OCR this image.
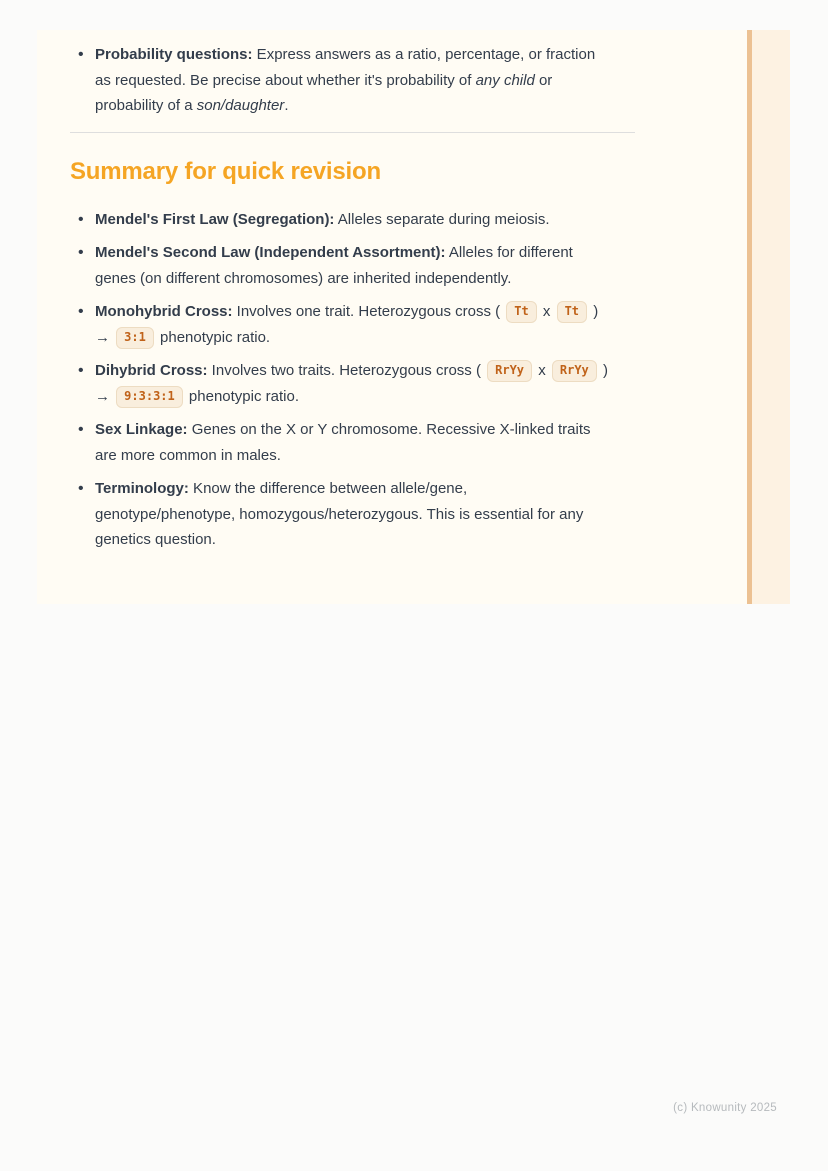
• Probability questions: Express answers as a ratio, percentage, or fraction
as requested. Be precise about whether it's probability of any child or
probability of a son/daughter.
Summary for quick revision
• Mendel's First Law (Segregation): Alleles separate during meiosis.
• Mendel's Second Law (Independent Assortment): Alleles for different
genes (on different chromosomes) are inherited independently.
• Monohybrid Cross: Involves one trait. Heterozygous cross ( Tt x Tt )
→ 3:1 phenotypic ratio.
• Dihybrid Cross: Involves two traits. Heterozygous cross ( RrYy x RrYy )
→ 9:3:3:1 phenotypic ratio.
• Sex Linkage: Genes on the X or Y chromosome. Recessive X-linked traits
are more common in males.
• Terminology: Know the difference between allele/gene,
genotype/phenotype, homozygous/heterozygous. This is essential for any
genetics question.
(c) Knowunity 2025
